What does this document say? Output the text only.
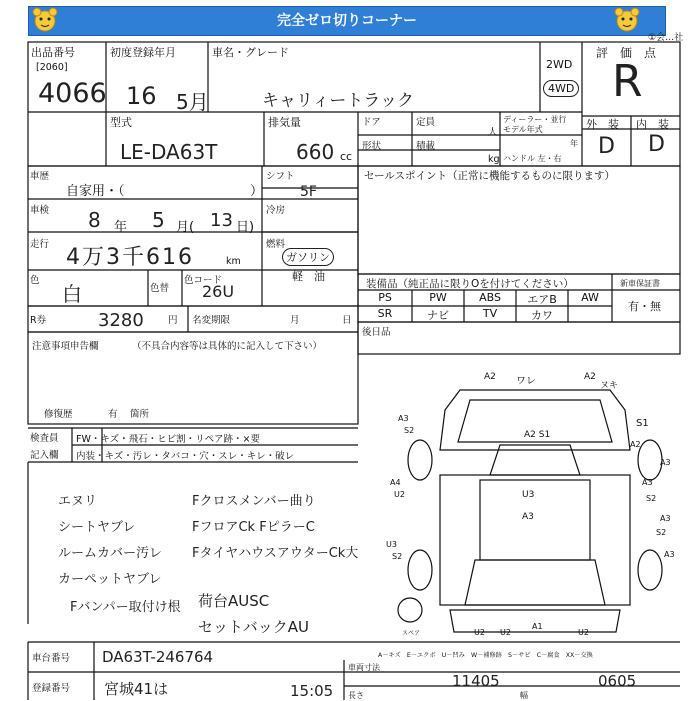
完全ゼロ切りコーナー
①会…社
出品番号
[2060]
4066
初度登録年月
16 5月
車名・グレード
キャリィートラック
2WD
4WD
評　価　点
R
型式
LE-DA63T
排気量
660 cc
ドア	定員
人
形状	積載
kg
ディーラー・並行
モデル年式
年
ハンドル 左・右
外　装 内　装
D D
車歴
自家用・（	）
シフト
5F
車検 8 年 5 月( 13 日)
冷房
走行
4万3千616	km
燃料
ガソリン
軽　油
色
白	色替
色コード
26U
セールスポイント（正常に機能するものに限ります）
R券	3280	円 名変期限	月	日
装備品（純正品に限りOを付けてください）	新車保証書
有・無
PS	PW	ABS	エアB	AW
SR	ナビ	TV	カワ
後日品
注意事項申告欄	（不具合内容等は具体的に記入して下さい）
修復歴	有 箇所
検査員
記入欄
FW・キズ・飛石・ヒビ割・リペア跡・×要
内装・キズ・汚レ・タバコ・穴・スレ・キレ・破レ
エヌリ
シートヤブレ
ルームカバー汚レ
カーペットヤブレ
Fバンパー取付け根
Fクロスメンバー曲り
FフロアCk FピラーC
FタイヤハウスアウターCk大
荷台AUSC
セットバックAU
A2 ワレ	A2
ヌキ
A3
S2
S1
A2
A2 S1
A3
A4
U2
A3
S2
U3
A3	A3
S2
U3
S2	A3
スペア	U2 U2
A1
U2
A－キズ　E－エクボ　U－凹み　W－補修跡　S－サビ　C－腐食　XX－交換
車台番号 DA63T-246764
登録番号 宮城41は	15:05
車両寸法
長さ
11405
幅
0605
